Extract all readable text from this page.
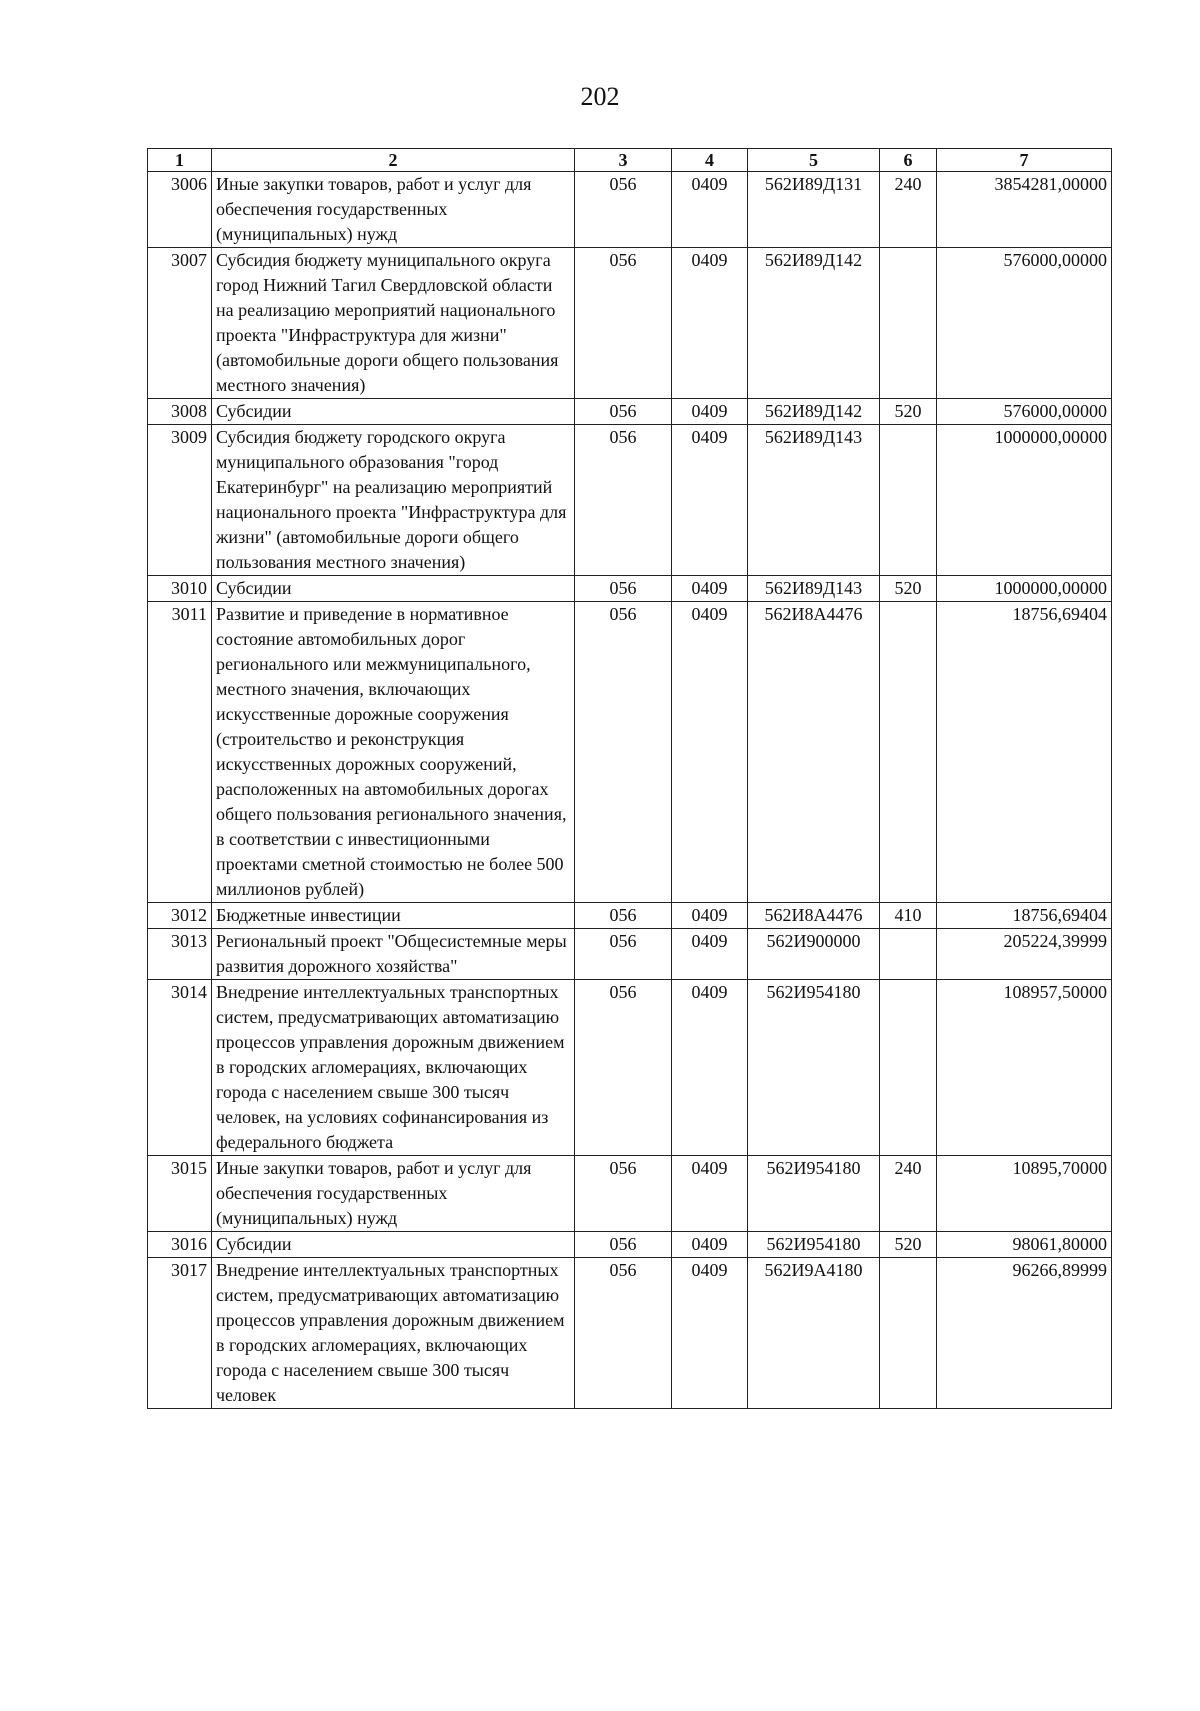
202
1	2	3	4	5	6	7
3006	Иные закупки товаров, работ и услуг для обеспечения государственных (муниципальных) нужд	056	0409	562И89Д131	240	3854281,00000
3007	Субсидия бюджету муниципального округа город Нижний Тагил Свердловской области на реализацию мероприятий национального проекта "Инфраструктура для жизни" (автомобильные дороги общего пользования местного значения)	056	0409	562И89Д142		576000,00000
3008	Субсидии	056	0409	562И89Д142	520	576000,00000
3009	Субсидия бюджету городского округа муниципального образования "город Екатеринбург" на реализацию мероприятий национального проекта "Инфраструктура для жизни" (автомобильные дороги общего пользования местного значения)	056	0409	562И89Д143		1000000,00000
3010	Субсидии	056	0409	562И89Д143	520	1000000,00000
3011	Развитие и приведение в нормативное состояние автомобильных дорог регионального или межмуниципального, местного значения, включающих искусственные дорожные сооружения (строительство и реконструкция искусственных дорожных сооружений, расположенных на автомобильных дорогах общего пользования регионального значения, в соответствии с инвестиционными проектами сметной стоимостью не более 500 миллионов рублей)	056	0409	562И8А4476		18756,69404
3012	Бюджетные инвестиции	056	0409	562И8А4476	410	18756,69404
3013	Региональный проект "Общесистемные меры развития дорожного хозяйства"	056	0409	562И900000		205224,39999
3014	Внедрение интеллектуальных транспортных систем, предусматривающих автоматизацию процессов управления дорожным движением в городских агломерациях, включающих города с населением свыше 300 тысяч человек, на условиях софинансирования из федерального бюджета	056	0409	562И954180		108957,50000
3015	Иные закупки товаров, работ и услуг для обеспечения государственных (муниципальных) нужд	056	0409	562И954180	240	10895,70000
3016	Субсидии	056	0409	562И954180	520	98061,80000
3017	Внедрение интеллектуальных транспортных систем, предусматривающих автоматизацию процессов управления дорожным движением в городских агломерациях, включающих города с населением свыше 300 тысяч человек	056	0409	562И9А4180		96266,89999
